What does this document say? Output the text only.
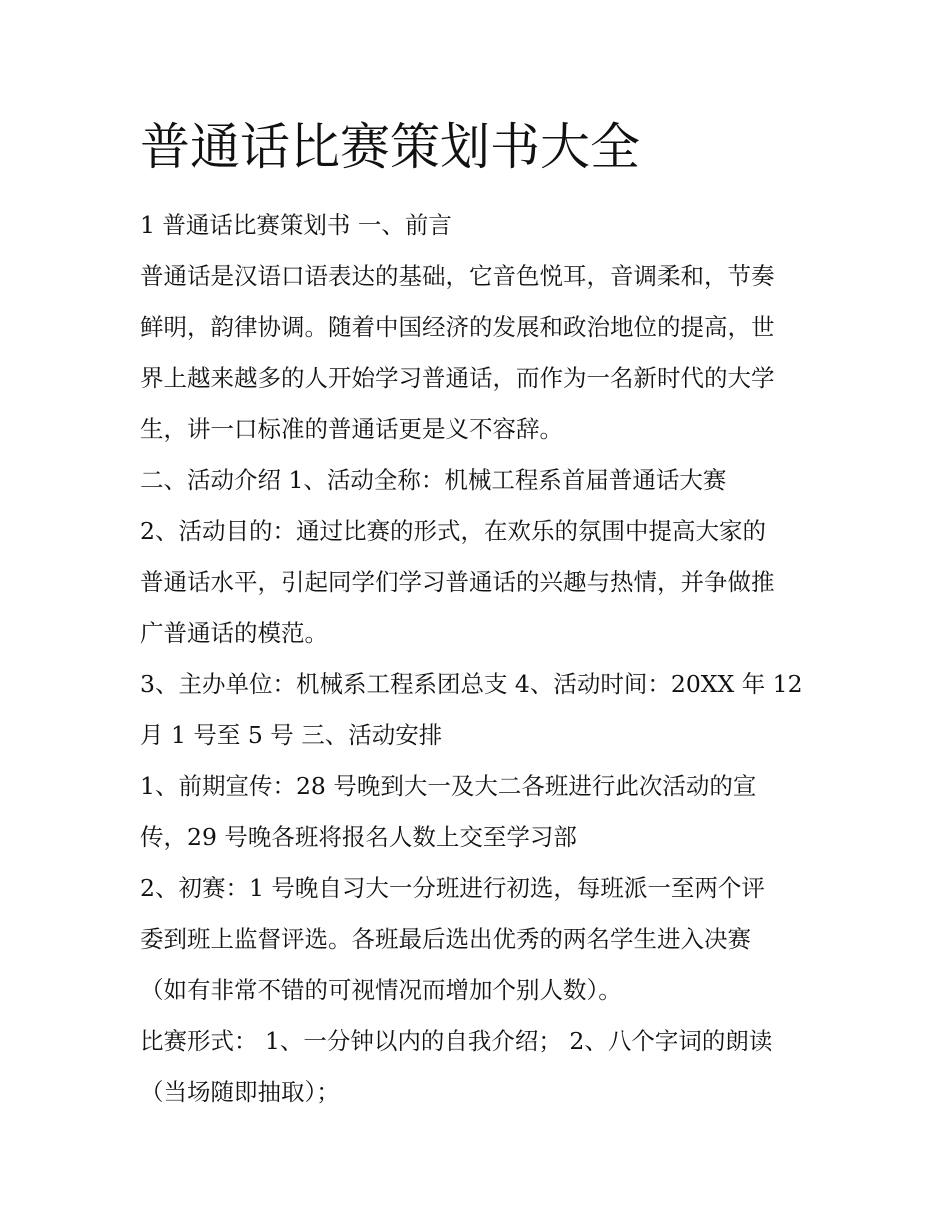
普通话比赛策划书大全

1 普通话比赛策划书 一、前言

普通话是汉语口语表达的基础，它音色悦耳，音调柔和，节奏

鲜明，韵律协调。随着中国经济的发展和政治地位的提高，世

界上越来越多的人开始学习普通话，而作为一名新时代的大学

生，讲一口标准的普通话更是义不容辞。

二、活动介绍 1、活动全称：机械工程系首届普通话大赛

2、活动目的：通过比赛的形式，在欢乐的氛围中提高大家的

普通话水平，引起同学们学习普通话的兴趣与热情，并争做推

广普通话的模范。

3、主办单位：机械系工程系团总支 4、活动时间：20XX 年 12

月 1 号至 5 号 三、活动安排

1、前期宣传：28 号晚到大一及大二各班进行此次活动的宣

传，29 号晚各班将报名人数上交至学习部

2、初赛：1 号晚自习大一分班进行初选，每班派一至两个评

委到班上监督评选。各班最后选出优秀的两名学生进入决赛

（如有非常不错的可视情况而增加个别人数）。

比赛形式： 1、一分钟以内的自我介绍； 2、八个字词的朗读

（当场随即抽取）；
